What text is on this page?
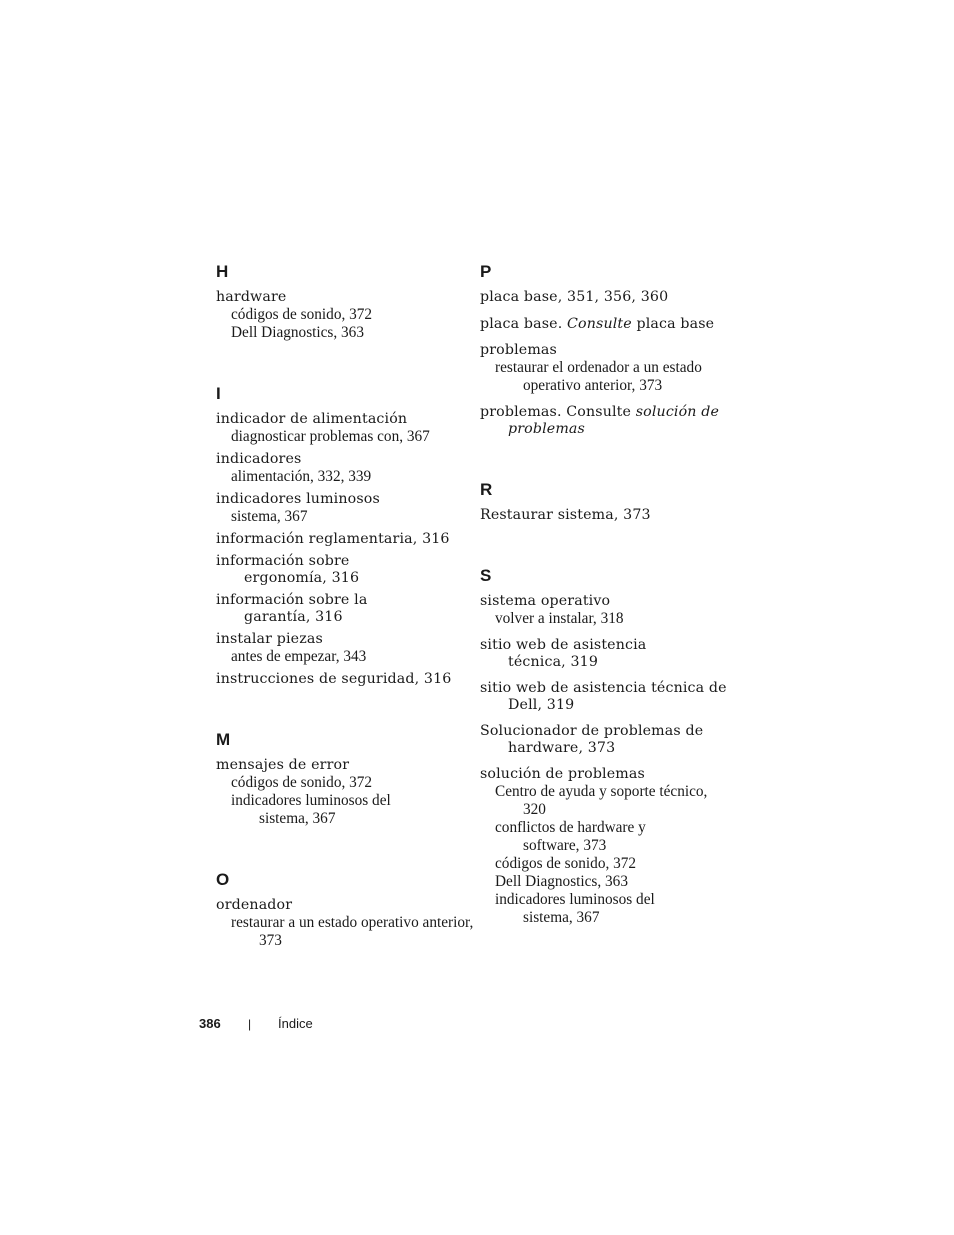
H
hardware
códigos de sonido, 372
Dell Diagnostics, 363
I
indicador de alimentación
diagnosticar problemas con, 367
indicadores
alimentación, 332, 339
indicadores luminosos
sistema, 367
información reglamentaria, 316
información sobre ergonomía, 316
información sobre la garantía, 316
instalar piezas
antes de empezar, 343
instrucciones de seguridad, 316
M
mensajes de error
códigos de sonido, 372
indicadores luminosos del sistema, 367
O
ordenador
restaurar a un estado operativo anterior, 373
P
placa base, 351, 356, 360
placa base. Consulte placa base
problemas
restaurar el ordenador a un estado operativo anterior, 373
problemas. Consulte solución de problemas
R
Restaurar sistema, 373
S
sistema operativo
volver a instalar, 318
sitio web de asistencia técnica, 319
sitio web de asistencia técnica de Dell, 319
Solucionador de problemas de hardware, 373
solución de problemas
Centro de ayuda y soporte técnico, 320
conflictos de hardware y software, 373
códigos de sonido, 372
Dell Diagnostics, 363
indicadores luminosos del sistema, 367
386 | Índice
